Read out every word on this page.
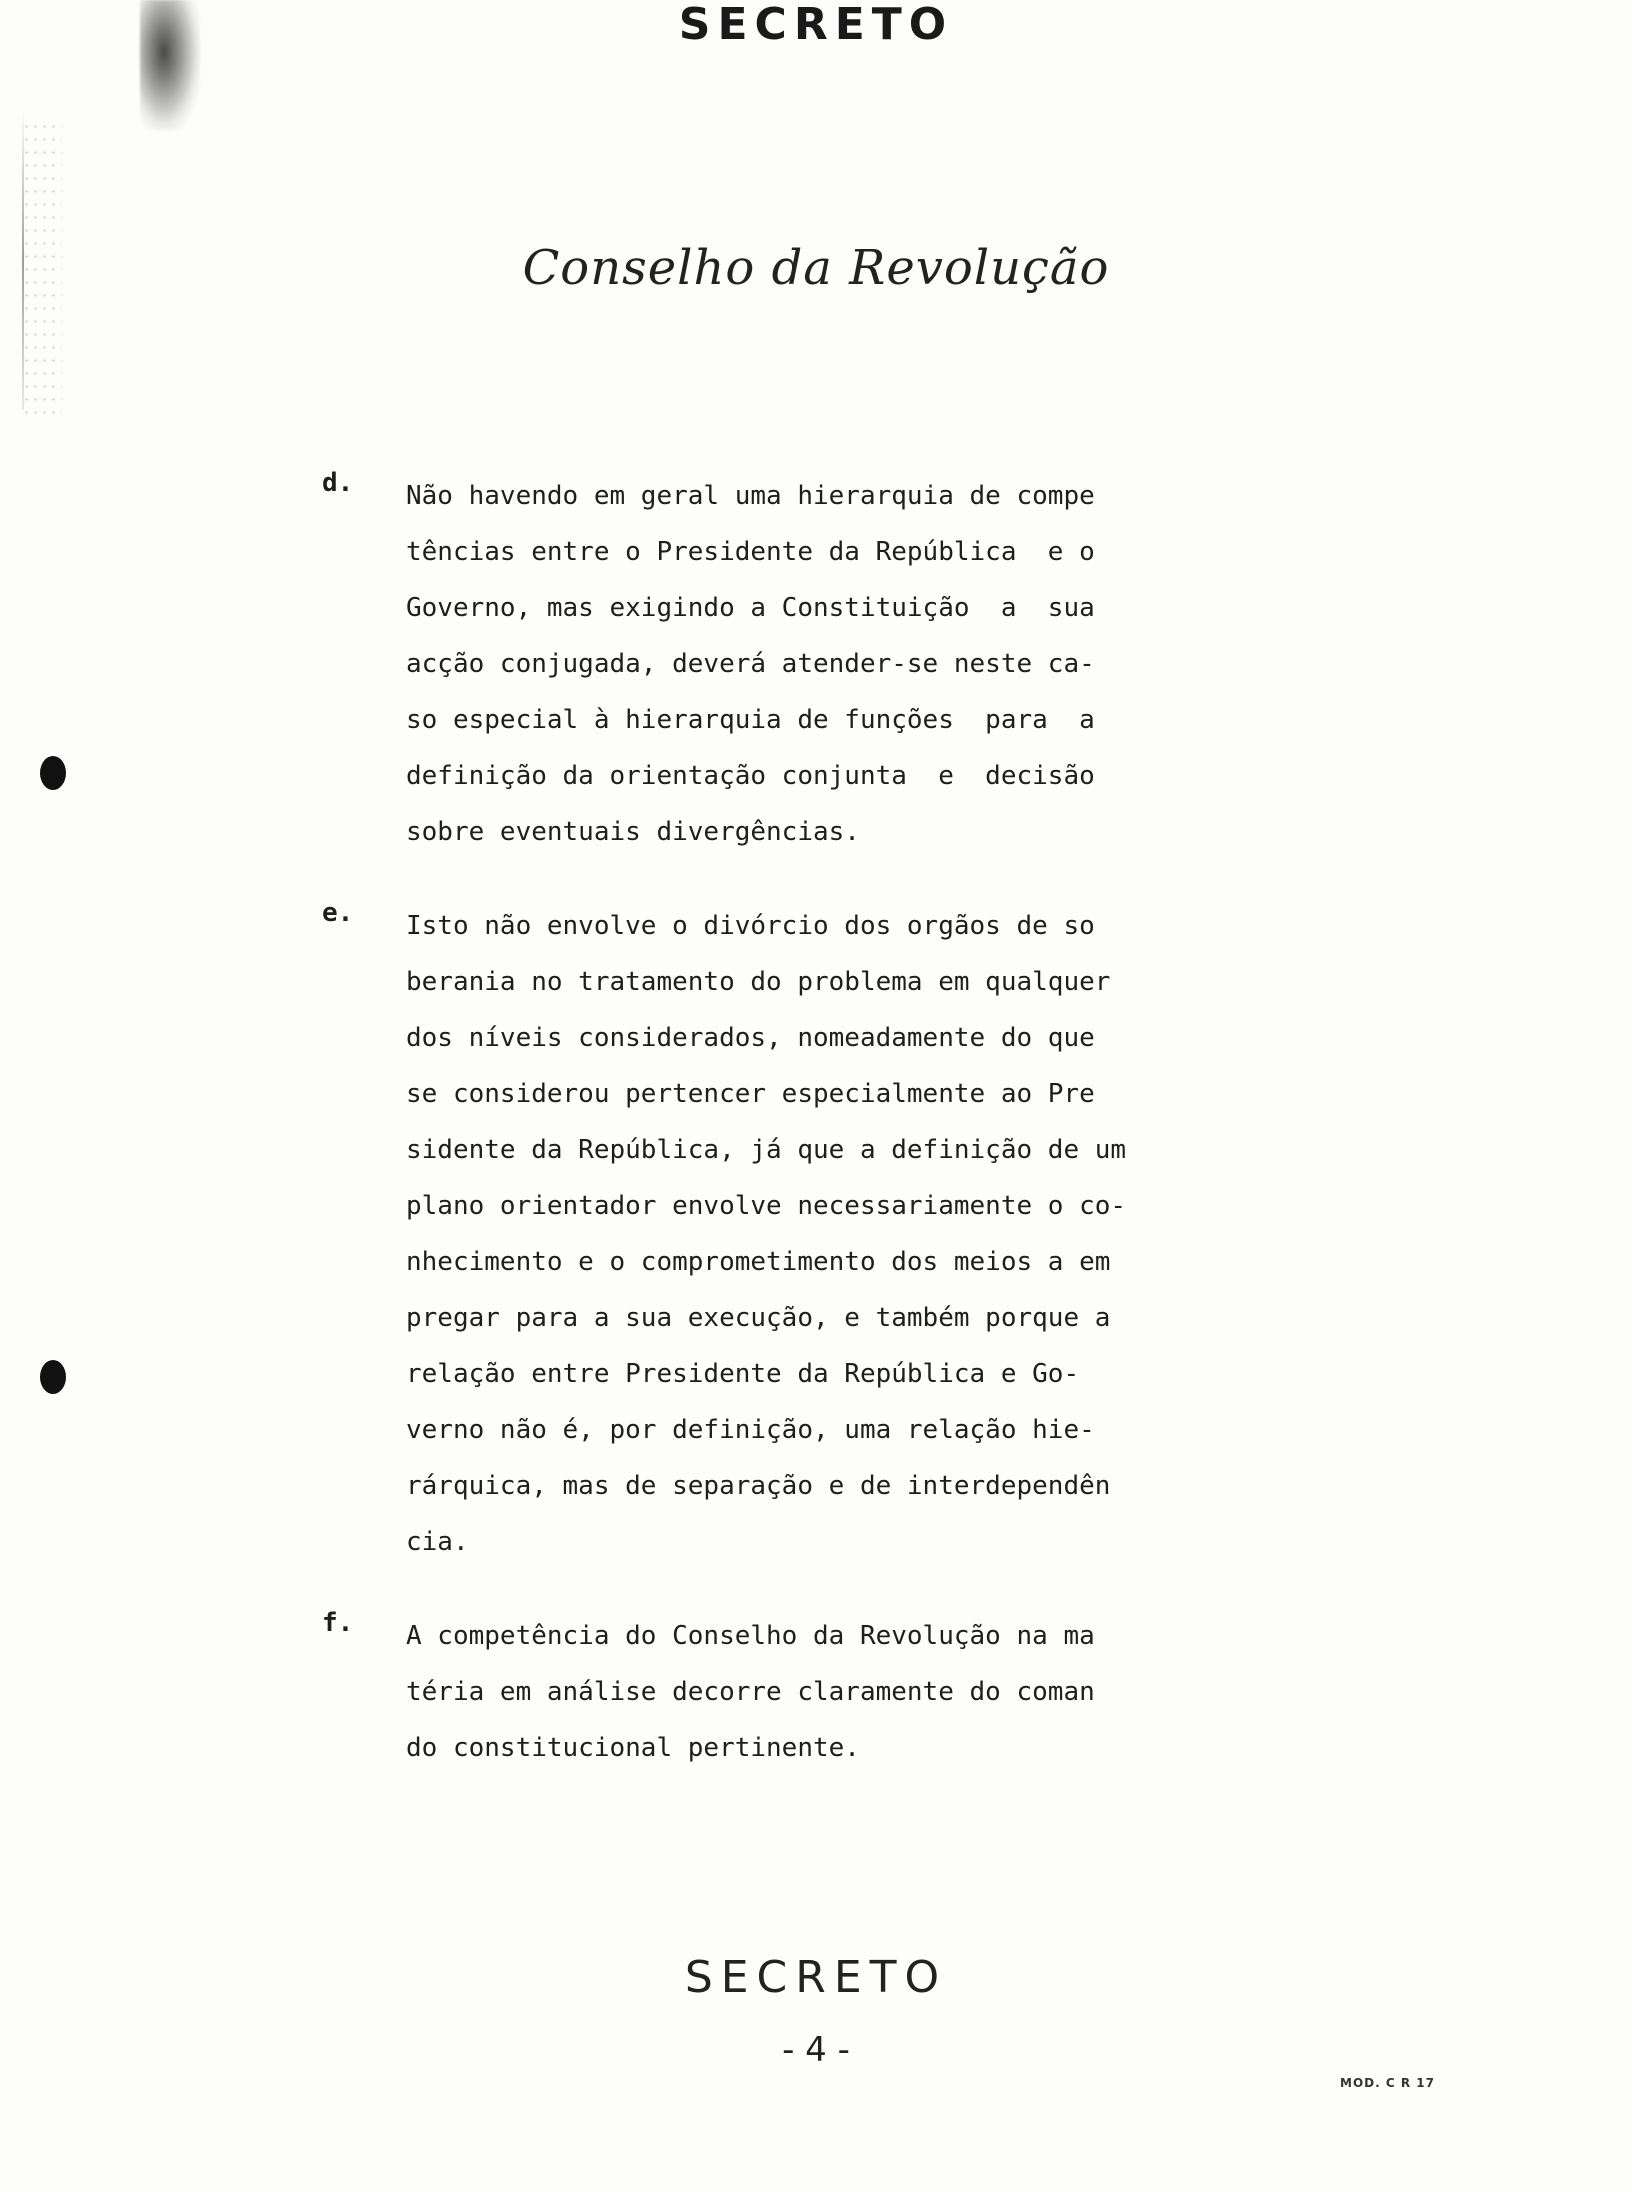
SECRETO
Conselho da Revolução
d. Não havendo em geral uma hierarquia de compe
tências entre o Presidente da República  e o
Governo, mas exigindo a Constituição  a  sua
acção conjugada, deverá atender-se neste ca-
so especial à hierarquia de funções  para  a
definição da orientação conjunta  e  decisão
sobre eventuais divergências.
e. Isto não envolve o divórcio dos orgãos de so
berania no tratamento do problema em qualquer
dos níveis considerados, nomeadamente do que
se considerou pertencer especialmente ao Pre
sidente da República, já que a definição de um
plano orientador envolve necessariamente o co-
nhecimento e o comprometimento dos meios a em
pregar para a sua execução, e também porque a
relação entre Presidente da República e Go-
verno não é, por definição, uma relação hie-
rárquica, mas de separação e de interdependên
cia.
f. A competência do Conselho da Revolução na ma
téria em análise decorre claramente do coman
do constitucional pertinente.
SECRETO
- 4 -
MOD. C R 17
